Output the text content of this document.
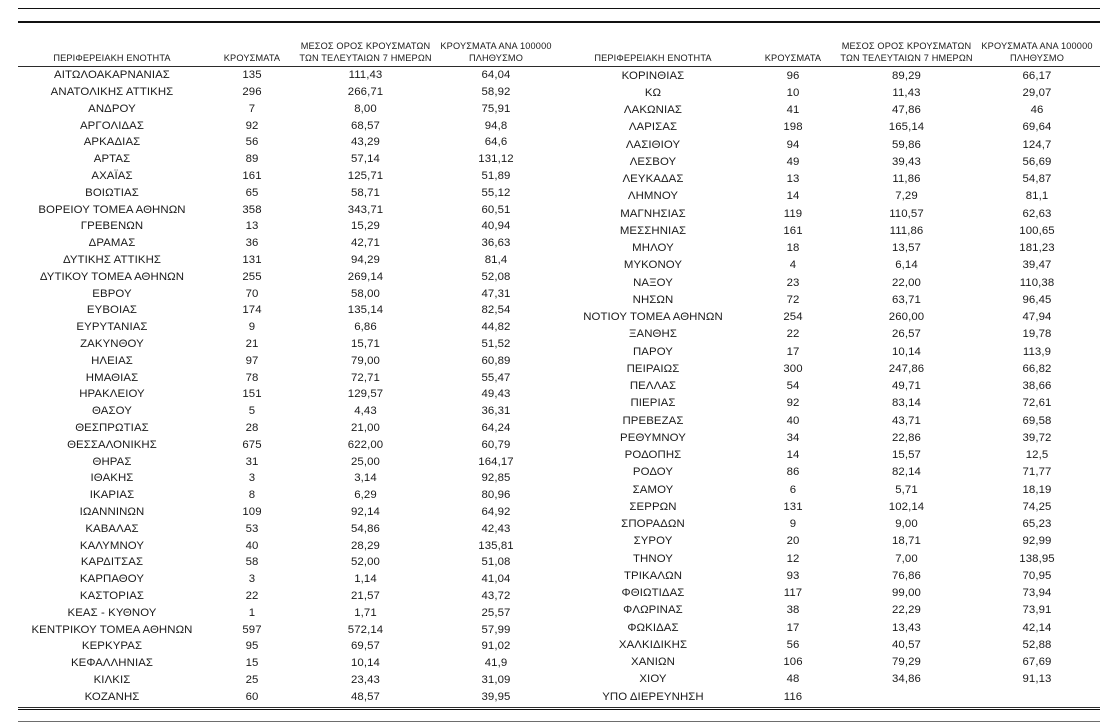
ΠΕΡΙΦΕΡΕΙΑΚΗ ΕΝΟΤΗΤΑ	ΚΡΟΥΣΜΑΤΑ	ΜΕΣΟΣ ΟΡΟΣ ΚΡΟΥΣΜΑΤΩΝ
ΤΩΝ ΤΕΛΕΥΤΑΙΩΝ 7 ΗΜΕΡΩΝ	ΚΡΟΥΣΜΑΤΑ ΑΝΑ 100000
ΠΛΗΘΥΣΜΟ

ΑΙΤΩΛΟΑΚΑΡΝΑΝΙΑΣ	135	111,43	64,04
ΑΝΑΤΟΛΙΚΗΣ ΑΤΤΙΚΗΣ	296	266,71	58,92
ΑΝΔΡΟΥ	7	8,00	75,91
ΑΡΓΟΛΙΔΑΣ	92	68,57	94,8
ΑΡΚΑΔΙΑΣ	56	43,29	64,6
ΑΡΤΑΣ	89	57,14	131,12
ΑΧΑΪΑΣ	161	125,71	51,89
ΒΟΙΩΤΙΑΣ	65	58,71	55,12
ΒΟΡΕΙΟΥ ΤΟΜΕΑ ΑΘΗΝΩΝ	358	343,71	60,51
ΓΡΕΒΕΝΩΝ	13	15,29	40,94
ΔΡΑΜΑΣ	36	42,71	36,63
ΔΥΤΙΚΗΣ ΑΤΤΙΚΗΣ	131	94,29	81,4
ΔΥΤΙΚΟΥ ΤΟΜΕΑ ΑΘΗΝΩΝ	255	269,14	52,08
ΕΒΡΟΥ	70	58,00	47,31
ΕΥΒΟΙΑΣ	174	135,14	82,54
ΕΥΡΥΤΑΝΙΑΣ	9	6,86	44,82
ΖΑΚΥΝΘΟΥ	21	15,71	51,52
ΗΛΕΙΑΣ	97	79,00	60,89
ΗΜΑΘΙΑΣ	78	72,71	55,47
ΗΡΑΚΛΕΙΟΥ	151	129,57	49,43
ΘΑΣΟΥ	5	4,43	36,31
ΘΕΣΠΡΩΤΙΑΣ	28	21,00	64,24
ΘΕΣΣΑΛΟΝΙΚΗΣ	675	622,00	60,79
ΘΗΡΑΣ	31	25,00	164,17
ΙΘΑΚΗΣ	3	3,14	92,85
ΙΚΑΡΙΑΣ	8	6,29	80,96
ΙΩΑΝΝΙΝΩΝ	109	92,14	64,92
ΚΑΒΑΛΑΣ	53	54,86	42,43
ΚΑΛΥΜΝΟΥ	40	28,29	135,81
ΚΑΡΔΙΤΣΑΣ	58	52,00	51,08
ΚΑΡΠΑΘΟΥ	3	1,14	41,04
ΚΑΣΤΟΡΙΑΣ	22	21,57	43,72
ΚΕΑΣ - ΚΥΘΝΟΥ	1	1,71	25,57
ΚΕΝΤΡΙΚΟΥ ΤΟΜΕΑ ΑΘΗΝΩΝ	597	572,14	57,99
ΚΕΡΚΥΡΑΣ	95	69,57	91,02
ΚΕΦΑΛΛΗΝΙΑΣ	15	10,14	41,9
ΚΙΛΚΙΣ	25	23,43	31,09
ΚΟΖΑΝΗΣ	60	48,57	39,95
ΠΕΡΙΦΕΡΕΙΑΚΗ ΕΝΟΤΗΤΑ	ΚΡΟΥΣΜΑΤΑ	ΜΕΣΟΣ ΟΡΟΣ ΚΡΟΥΣΜΑΤΩΝ
ΤΩΝ ΤΕΛΕΥΤΑΙΩΝ 7 ΗΜΕΡΩΝ	ΚΡΟΥΣΜΑΤΑ ΑΝΑ 100000
ΠΛΗΘΥΣΜΟ

ΚΟΡΙΝΘΙΑΣ	96	89,29	66,17
ΚΩ	10	11,43	29,07
ΛΑΚΩΝΙΑΣ	41	47,86	46
ΛΑΡΙΣΑΣ	198	165,14	69,64
ΛΑΣΙΘΙΟΥ	94	59,86	124,7
ΛΕΣΒΟΥ	49	39,43	56,69
ΛΕΥΚΑΔΑΣ	13	11,86	54,87
ΛΗΜΝΟΥ	14	7,29	81,1
ΜΑΓΝΗΣΙΑΣ	119	110,57	62,63
ΜΕΣΣΗΝΙΑΣ	161	111,86	100,65
ΜΗΛΟΥ	18	13,57	181,23
ΜΥΚΟΝΟΥ	4	6,14	39,47
ΝΑΞΟΥ	23	22,00	110,38
ΝΗΣΩΝ	72	63,71	96,45
ΝΟΤΙΟΥ ΤΟΜΕΑ ΑΘΗΝΩΝ	254	260,00	47,94
ΞΑΝΘΗΣ	22	26,57	19,78
ΠΑΡΟΥ	17	10,14	113,9
ΠΕΙΡΑΙΩΣ	300	247,86	66,82
ΠΕΛΛΑΣ	54	49,71	38,66
ΠΙΕΡΙΑΣ	92	83,14	72,61
ΠΡΕΒΕΖΑΣ	40	43,71	69,58
ΡΕΘΥΜΝΟΥ	34	22,86	39,72
ΡΟΔΟΠΗΣ	14	15,57	12,5
ΡΟΔΟΥ	86	82,14	71,77
ΣΑΜΟΥ	6	5,71	18,19
ΣΕΡΡΩΝ	131	102,14	74,25
ΣΠΟΡΑΔΩΝ	9	9,00	65,23
ΣΥΡΟΥ	20	18,71	92,99
ΤΗΝΟΥ	12	7,00	138,95
ΤΡΙΚΑΛΩΝ	93	76,86	70,95
ΦΘΙΩΤΙΔΑΣ	117	99,00	73,94
ΦΛΩΡΙΝΑΣ	38	22,29	73,91
ΦΩΚΙΔΑΣ	17	13,43	42,14
ΧΑΛΚΙΔΙΚΗΣ	56	40,57	52,88
ΧΑΝΙΩΝ	106	79,29	67,69
ΧΙΟΥ	48	34,86	91,13
ΥΠΟ ΔΙΕΡΕΥΝΗΣΗ	116		
